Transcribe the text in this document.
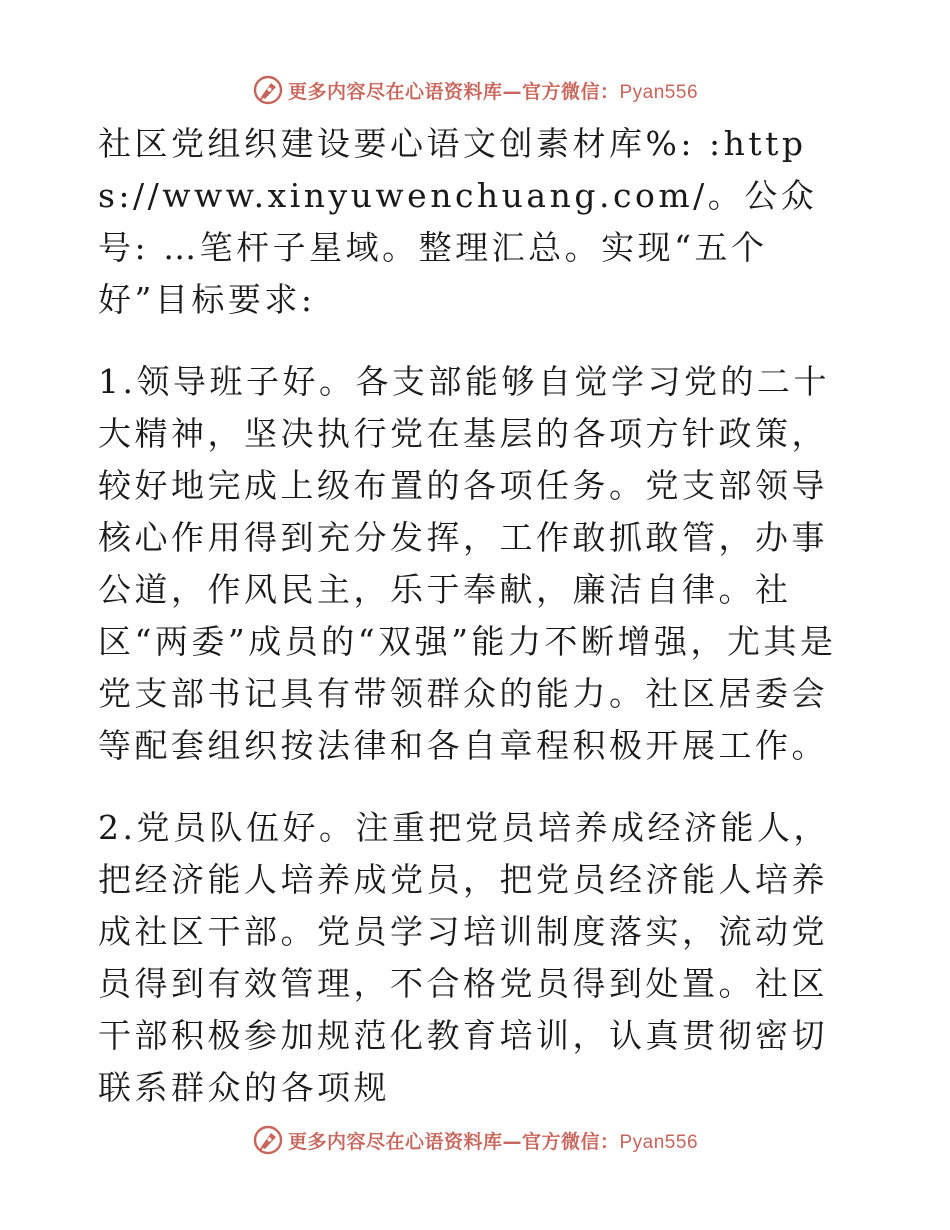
更多内容尽在心语资料库—官方微信：Pyan556

社区党组织建设要心语文创素材库%: :https://www.xinyuwenchuang.com/。公众号: …笔杆子星域。整理汇总。实现“五个好”目标要求:

1.领导班子好。各支部能够自觉学习党的二十大精神，坚决执行党在基层的各项方针政策，较好地完成上级布置的各项任务。党支部领导核心作用得到充分发挥，工作敢抓敢管，办事公道，作风民主，乐于奉献，廉洁自律。社区“两委”成员的“双强”能力不断增强，尤其是党支部书记具有带领群众的能力。社区居委会等配套组织按法律和各自章程积极开展工作。

2.党员队伍好。注重把党员培养成经济能人，把经济能人培养成党员，把党员经济能人培养成社区干部。党员学习培训制度落实，流动党员得到有效管理，不合格党员得到处置。社区干部积极参加规范化教育培训，认真贯彻密切联系群众的各项规

更多内容尽在心语资料库—官方微信：Pyan556
